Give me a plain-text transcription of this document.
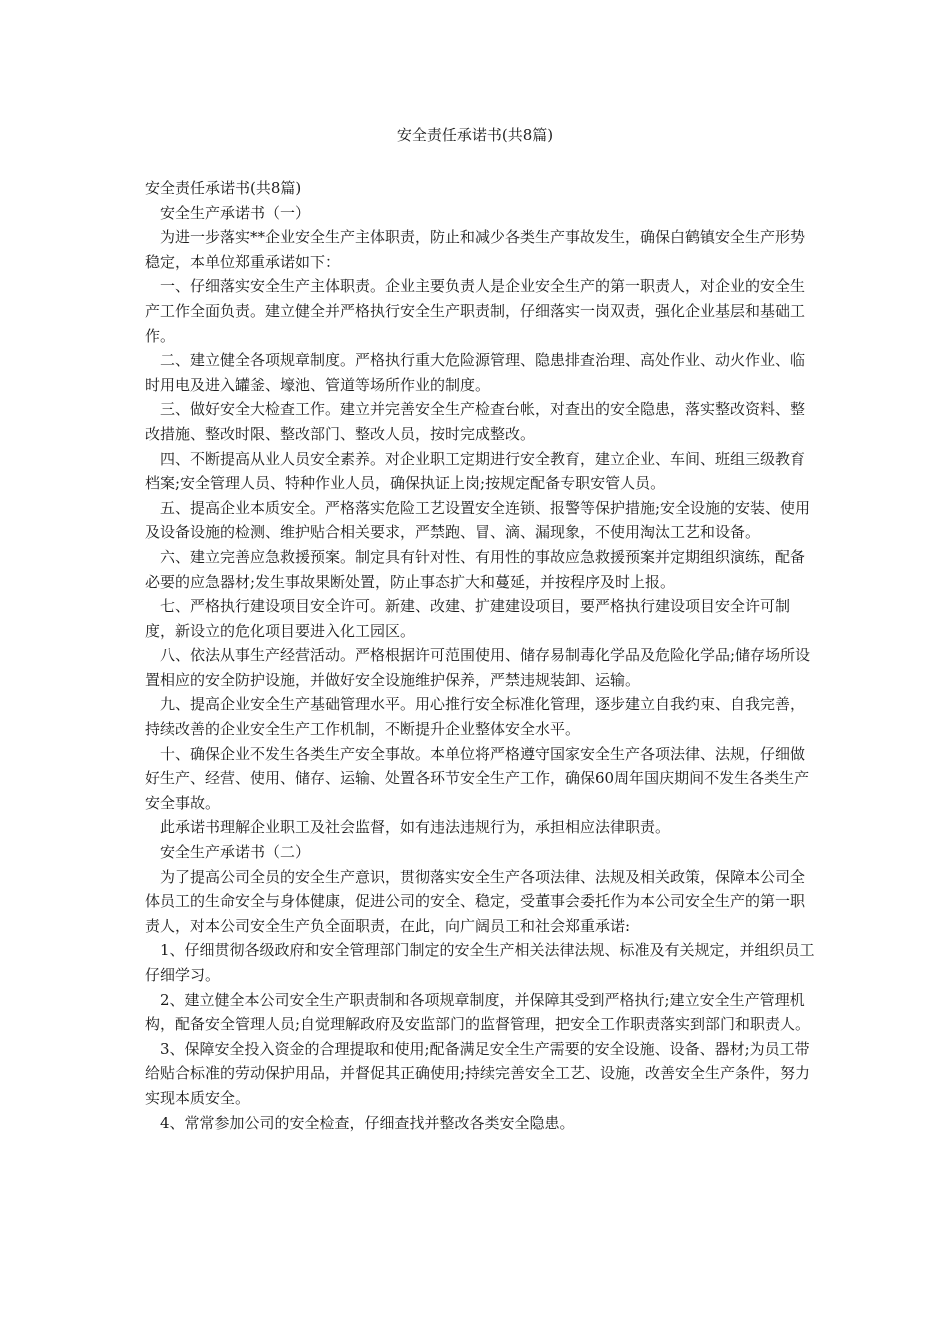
安全责任承诺书(共8篇)

安全责任承诺书(共8篇)

安全生产承诺书（一）

为进一步落实**企业安全生产主体职责，防止和减少各类生产事故发生，确保白鹤镇安全生产形势稳定，本单位郑重承诺如下：

一、仔细落实安全生产主体职责。企业主要负责人是企业安全生产的第一职责人，对企业的安全生产工作全面负责。建立健全并严格执行安全生产职责制，仔细落实一岗双责，强化企业基层和基础工作。

二、建立健全各项规章制度。严格执行重大危险源管理、隐患排查治理、高处作业、动火作业、临时用电及进入罐釜、壕池、管道等场所作业的制度。

三、做好安全大检查工作。建立并完善安全生产检查台帐，对查出的安全隐患，落实整改资料、整改措施、整改时限、整改部门、整改人员，按时完成整改。

四、不断提高从业人员安全素养。对企业职工定期进行安全教育，建立企业、车间、班组三级教育档案;安全管理人员、特种作业人员，确保执证上岗;按规定配备专职安管人员。

五、提高企业本质安全。严格落实危险工艺设置安全连锁、报警等保护措施;安全设施的安装、使用及设备设施的检测、维护贴合相关要求，严禁跑、冒、滴、漏现象，不使用淘汰工艺和设备。

六、建立完善应急救援预案。制定具有针对性、有用性的事故应急救援预案并定期组织演练，配备必要的应急器材;发生事故果断处置，防止事态扩大和蔓延，并按程序及时上报。

七、严格执行建设项目安全许可。新建、改建、扩建建设项目，要严格执行建设项目安全许可制度，新设立的危化项目要进入化工园区。

八、依法从事生产经营活动。严格根据许可范围使用、储存易制毒化学品及危险化学品;储存场所设置相应的安全防护设施，并做好安全设施维护保养，严禁违规装卸、运输。

九、提高企业安全生产基础管理水平。用心推行安全标准化管理，逐步建立自我约束、自我完善，持续改善的企业安全生产工作机制，不断提升企业整体安全水平。

十、确保企业不发生各类生产安全事故。本单位将严格遵守国家安全生产各项法律、法规，仔细做好生产、经营、使用、储存、运输、处置各环节安全生产工作，确保60周年国庆期间不发生各类生产安全事故。

此承诺书理解企业职工及社会监督，如有违法违规行为，承担相应法律职责。

安全生产承诺书（二）

为了提高公司全员的安全生产意识，贯彻落实安全生产各项法律、法规及相关政策，保障本公司全体员工的生命安全与身体健康，促进公司的安全、稳定，受董事会委托作为本公司安全生产的第一职责人，对本公司安全生产负全面职责，在此，向广阔员工和社会郑重承诺:

1、仔细贯彻各级政府和安全管理部门制定的安全生产相关法律法规、标准及有关规定，并组织员工仔细学习。

2、建立健全本公司安全生产职责制和各项规章制度，并保障其受到严格执行;建立安全生产管理机构，配备安全管理人员;自觉理解政府及安监部门的监督管理，把安全工作职责落实到部门和职责人。

3、保障安全投入资金的合理提取和使用;配备满足安全生产需要的安全设施、设备、器材;为员工带给贴合标准的劳动保护用品，并督促其正确使用;持续完善安全工艺、设施，改善安全生产条件，努力实现本质安全。

4、常常参加公司的安全检查，仔细查找并整改各类安全隐患。
